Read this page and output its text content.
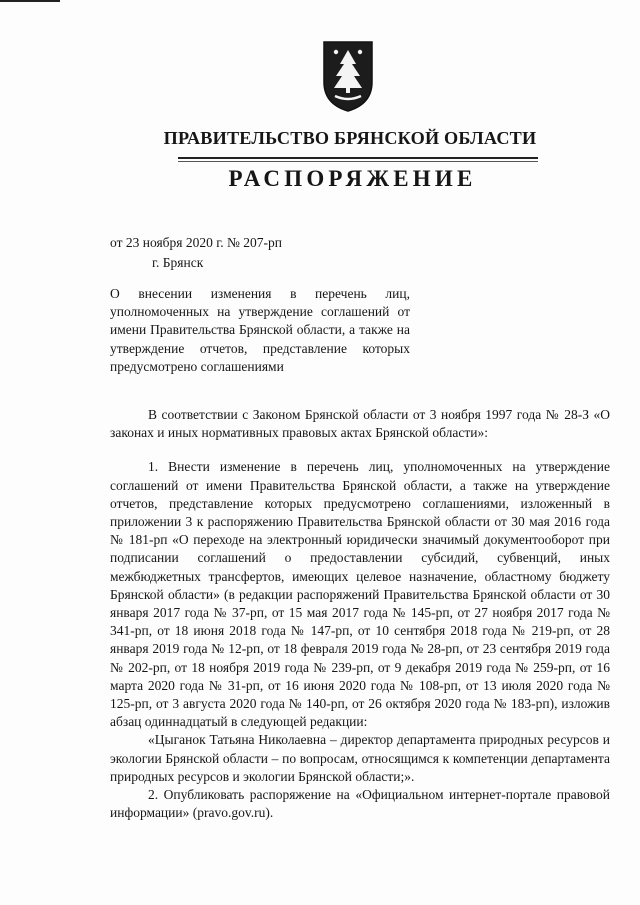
ПРАВИТЕЛЬСТВО БРЯНСКОЙ ОБЛАСТИ
РАСПОРЯЖЕНИЕ
от 23 ноября 2020 г. № 207-рп
г. Брянск
О внесении изменения в перечень лиц, уполномоченных на утверждение соглашений от имени Правительства Брянской области, а также на утверждение отчетов, представление которых предусмотрено соглашениями

В соответствии с Законом Брянской области от 3 ноября 1997 года № 28-З «О законах и иных нормативных правовых актах Брянской области»:

1. Внести изменение в перечень лиц, уполномоченных на утверждение соглашений от имени Правительства Брянской области, а также на утверждение отчетов, представление которых предусмотрено соглашениями, изложенный в приложении 3 к распоряжению Правительства Брянской области от 30 мая 2016 года № 181-рп «О переходе на электронный юридически значимый документооборот при подписании соглашений о предоставлении субсидий, субвенций, иных межбюджетных трансфертов, имеющих целевое назначение, областному бюджету Брянской области» (в редакции распоряжений Правительства Брянской области от 30 января 2017 года № 37-рп, от 15 мая 2017 года № 145-рп, от 27 ноября 2017 года № 341-рп, от 18 июня 2018 года № 147-рп, от 10 сентября 2018 года № 219-рп, от 28 января 2019 года № 12-рп, от 18 февраля 2019 года № 28-рп, от 23 сентября 2019 года № 202-рп, от 18 ноября 2019 года № 239-рп, от 9 декабря 2019 года № 259-рп, от 16 марта 2020 года № 31-рп, от 16 июня 2020 года № 108-рп, от 13 июля 2020 года № 125-рп, от 3 августа 2020 года № 140-рп, от 26 октября 2020 года № 183-рп), изложив абзац одиннадцатый в следующей редакции:

«Цыганок Татьяна Николаевна – директор департамента природных ресурсов и экологии Брянской области – по вопросам, относящимся к компетенции департамента природных ресурсов и экологии Брянской области;».

2. Опубликовать распоряжение на «Официальном интернет-портале правовой информации» (pravo.gov.ru).
